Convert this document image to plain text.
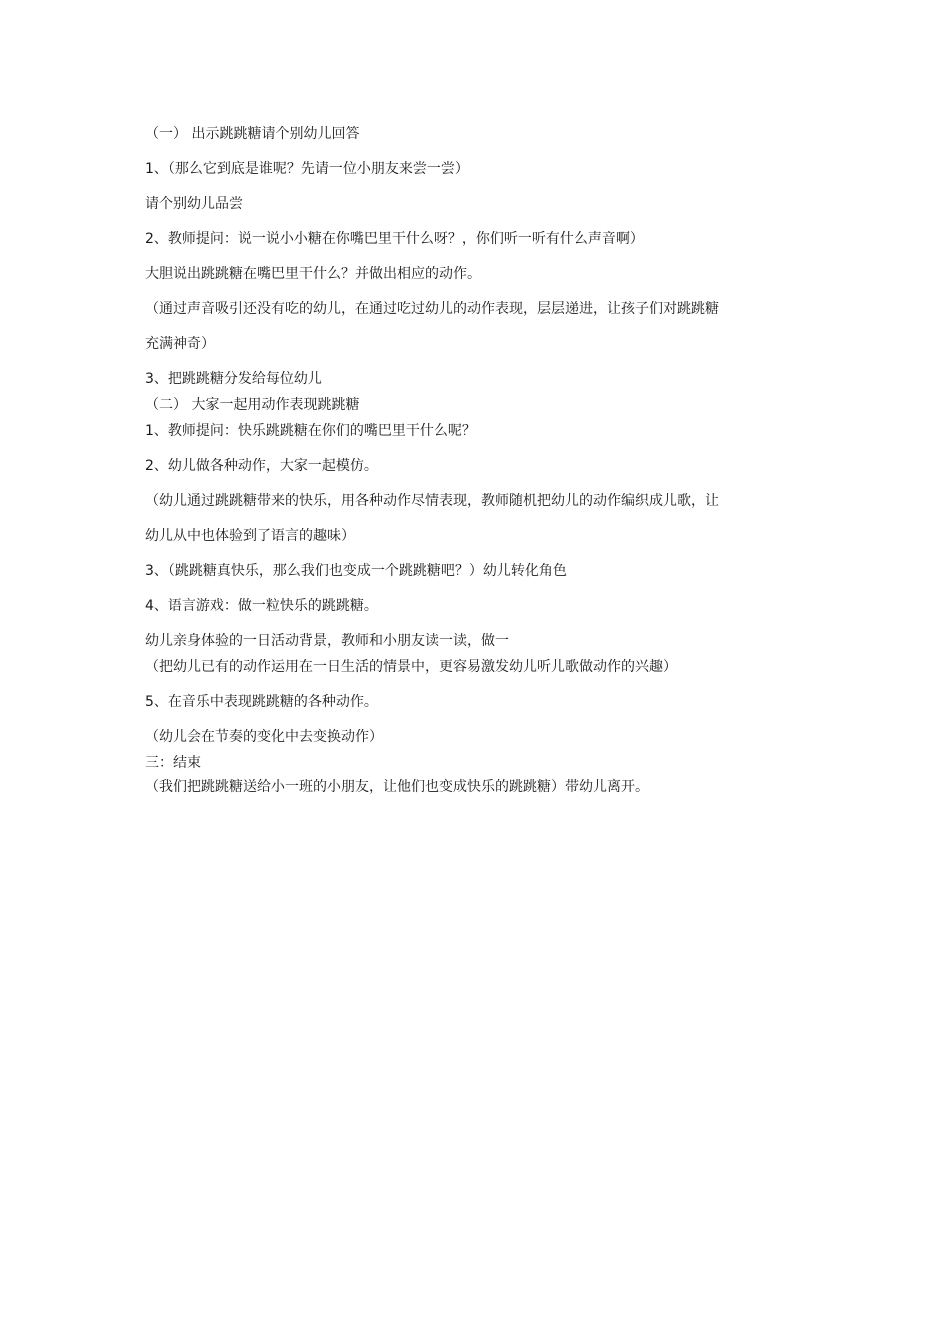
（一） 出示跳跳糖请个别幼儿回答
1、（那么它到底是谁呢？先请一位小朋友来尝一尝）
请个别幼儿品尝
2、教师提问：说一说小小糖在你嘴巴里干什么呀？，你们听一听有什么声音啊）
大胆说出跳跳糖在嘴巴里干什么？并做出相应的动作。
（通过声音吸引还没有吃的幼儿，在通过吃过幼儿的动作表现，层层递进，让孩子们对跳跳糖
充满神奇）
3、把跳跳糖分发给每位幼儿
（二） 大家一起用动作表现跳跳糖
1、教师提问：快乐跳跳糖在你们的嘴巴里干什么呢？
2、幼儿做各种动作，大家一起模仿。
（幼儿通过跳跳糖带来的快乐，用各种动作尽情表现，教师随机把幼儿的动作编织成儿歌，让
幼儿从中也体验到了语言的趣味）
3、（跳跳糖真快乐，那么我们也变成一个跳跳糖吧？）幼儿转化角色
4、语言游戏：做一粒快乐的跳跳糖。
幼儿亲身体验的一日活动背景，教师和小朋友读一读，做一
（把幼儿已有的动作运用在一日生活的情景中，更容易激发幼儿听儿歌做动作的兴趣）
5、在音乐中表现跳跳糖的各种动作。
（幼儿会在节奏的变化中去变换动作）
三：结束
（我们把跳跳糖送给小一班的小朋友，让他们也变成快乐的跳跳糖）带幼儿离开。
